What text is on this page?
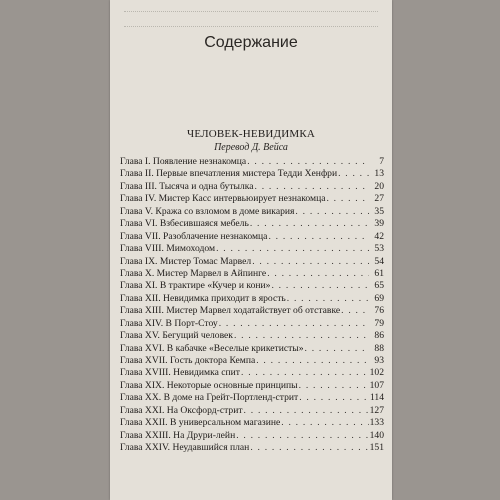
Содержание
ЧЕЛОВЕК-НЕВИДИМКА
Перевод Д. Вейса
Глава I. Появление незнакомца . . .	7
Глава II. Первые впечатления мистера Тедди Хенфри . . .	13
Глава III. Тысяча и одна бутылка . . .	20
Глава IV. Мистер Касс интервьюирует незнакомца . . .	27
Глава V. Кража со взломом в доме викария . . .	35
Глава VI. Взбесившаяся мебель . . .	39
Глава VII. Разоблачение незнакомца . . .	42
Глава VIII. Мимоходом . . .	53
Глава IX. Мистер Томас Марвел . . .	54
Глава X. Мистер Марвел в Айпинге . . .	61
Глава XI. В трактире «Кучер и кони» . . .	65
Глава XII. Невидимка приходит в ярость . . .	69
Глава XIII. Мистер Марвел ходатайствует об отставке . . .	76
Глава XIV. В Порт-Стоу . . .	79
Глава XV. Бегущий человек . . .	86
Глава XVI. В кабачке «Веселые крикетисты» . . .	88
Глава XVII. Гость доктора Кемпа . . .	93
Глава XVIII. Невидимка спит . . .	102
Глава XIX. Некоторые основные принципы . . .	107
Глава XX. В доме на Грейт-Портленд-стрит . . .	114
Глава XXI. На Оксфорд-стрит . . .	127
Глава XXII. В универсальном магазине . . .	133
Глава XXIII. На Друри-лейн . . .	140
Глава XXIV. Неудавшийся план . . .	151
